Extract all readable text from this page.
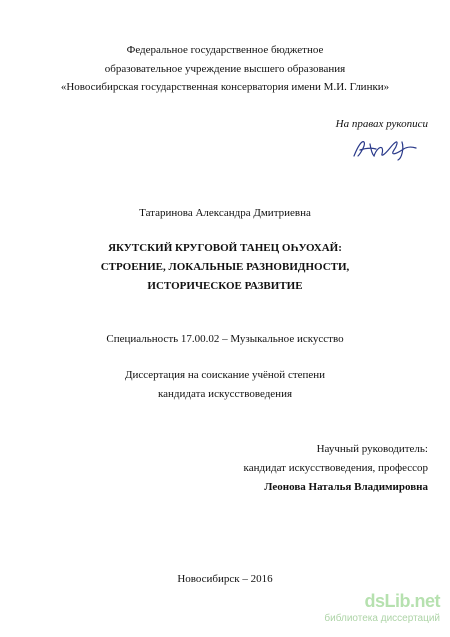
Федеральное государственное бюджетное
образовательное учреждение высшего образования
«Новосибирская государственная консерватория имени М.И. Глинки»
На правах рукописи
Татаринова Александра Дмитриевна
ЯКУТСКИЙ КРУГОВОЙ ТАНЕЦ ОҺУОХАЙ:
СТРОЕНИЕ, ЛОКАЛЬНЫЕ РАЗНОВИДНОСТИ,
ИСТОРИЧЕСКОЕ РАЗВИТИЕ
Специальность 17.00.02 – Музыкальное искусство
Диссертация на соискание учёной степени
кандидата искусствоведения
Научный руководитель:
кандидат искусствоведения, профессор
Леонова Наталья Владимировна
Новосибирск – 2016
dsLib.net
библиотека диссертаций
